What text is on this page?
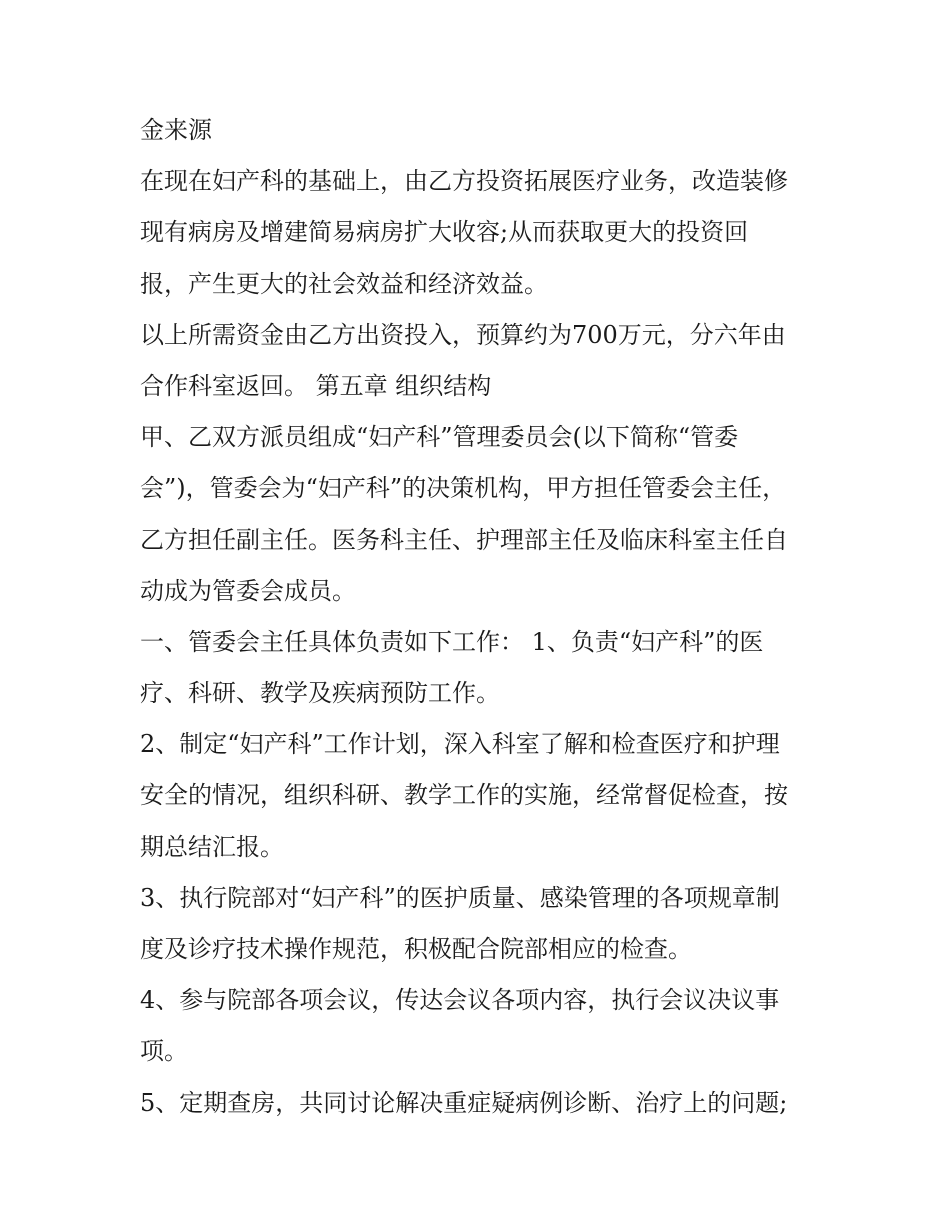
金来源
在现在妇产科的基础上，由乙方投资拓展医疗业务，改造装修
现有病房及增建简易病房扩大收容;从而获取更大的投资回
报，产生更大的社会效益和经济效益。
以上所需资金由乙方出资投入，预算约为700万元，分六年由
合作科室返回。 第五章 组织结构
甲、乙双方派员组成“妇产科”管理委员会(以下简称“管委
会”)，管委会为“妇产科”的决策机构，甲方担任管委会主任，
乙方担任副主任。医务科主任、护理部主任及临床科室主任自
动成为管委会成员。
一、管委会主任具体负责如下工作： 1、负责“妇产科”的医
疗、科研、教学及疾病预防工作。
2、制定“妇产科”工作计划，深入科室了解和检查医疗和护理
安全的情况，组织科研、教学工作的实施，经常督促检查，按
期总结汇报。
3、执行院部对“妇产科”的医护质量、感染管理的各项规章制
度及诊疗技术操作规范，积极配合院部相应的检查。
4、参与院部各项会议，传达会议各项内容，执行会议决议事
项。
5、定期查房，共同讨论解决重症疑病例诊断、治疗上的问题;
